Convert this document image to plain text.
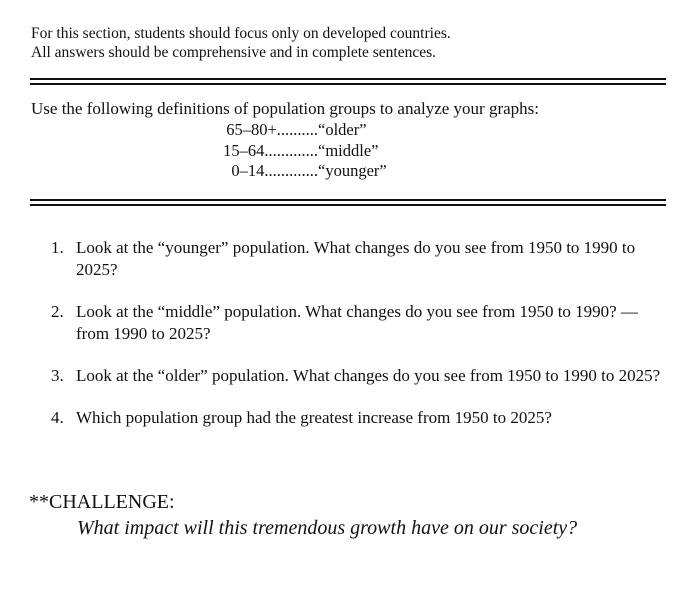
For this section, students should focus only on developed countries.
All answers should be comprehensive and in complete sentences.
Use the following definitions of population groups to analyze your graphs:
65–80+.......... “older”
15–64............. “middle”
0–14............. “younger”
1. Look at the “younger” population. What changes do you see from 1950 to 1990 to 2025?
2. Look at the “middle” population. What changes do you see from 1950 to 1990? — from 1990 to 2025?
3. Look at the “older” population. What changes do you see from 1950 to 1990 to 2025?
4. Which population group had the greatest increase from 1950 to 2025?
**CHALLENGE:
What impact will this tremendous growth have on our society?
